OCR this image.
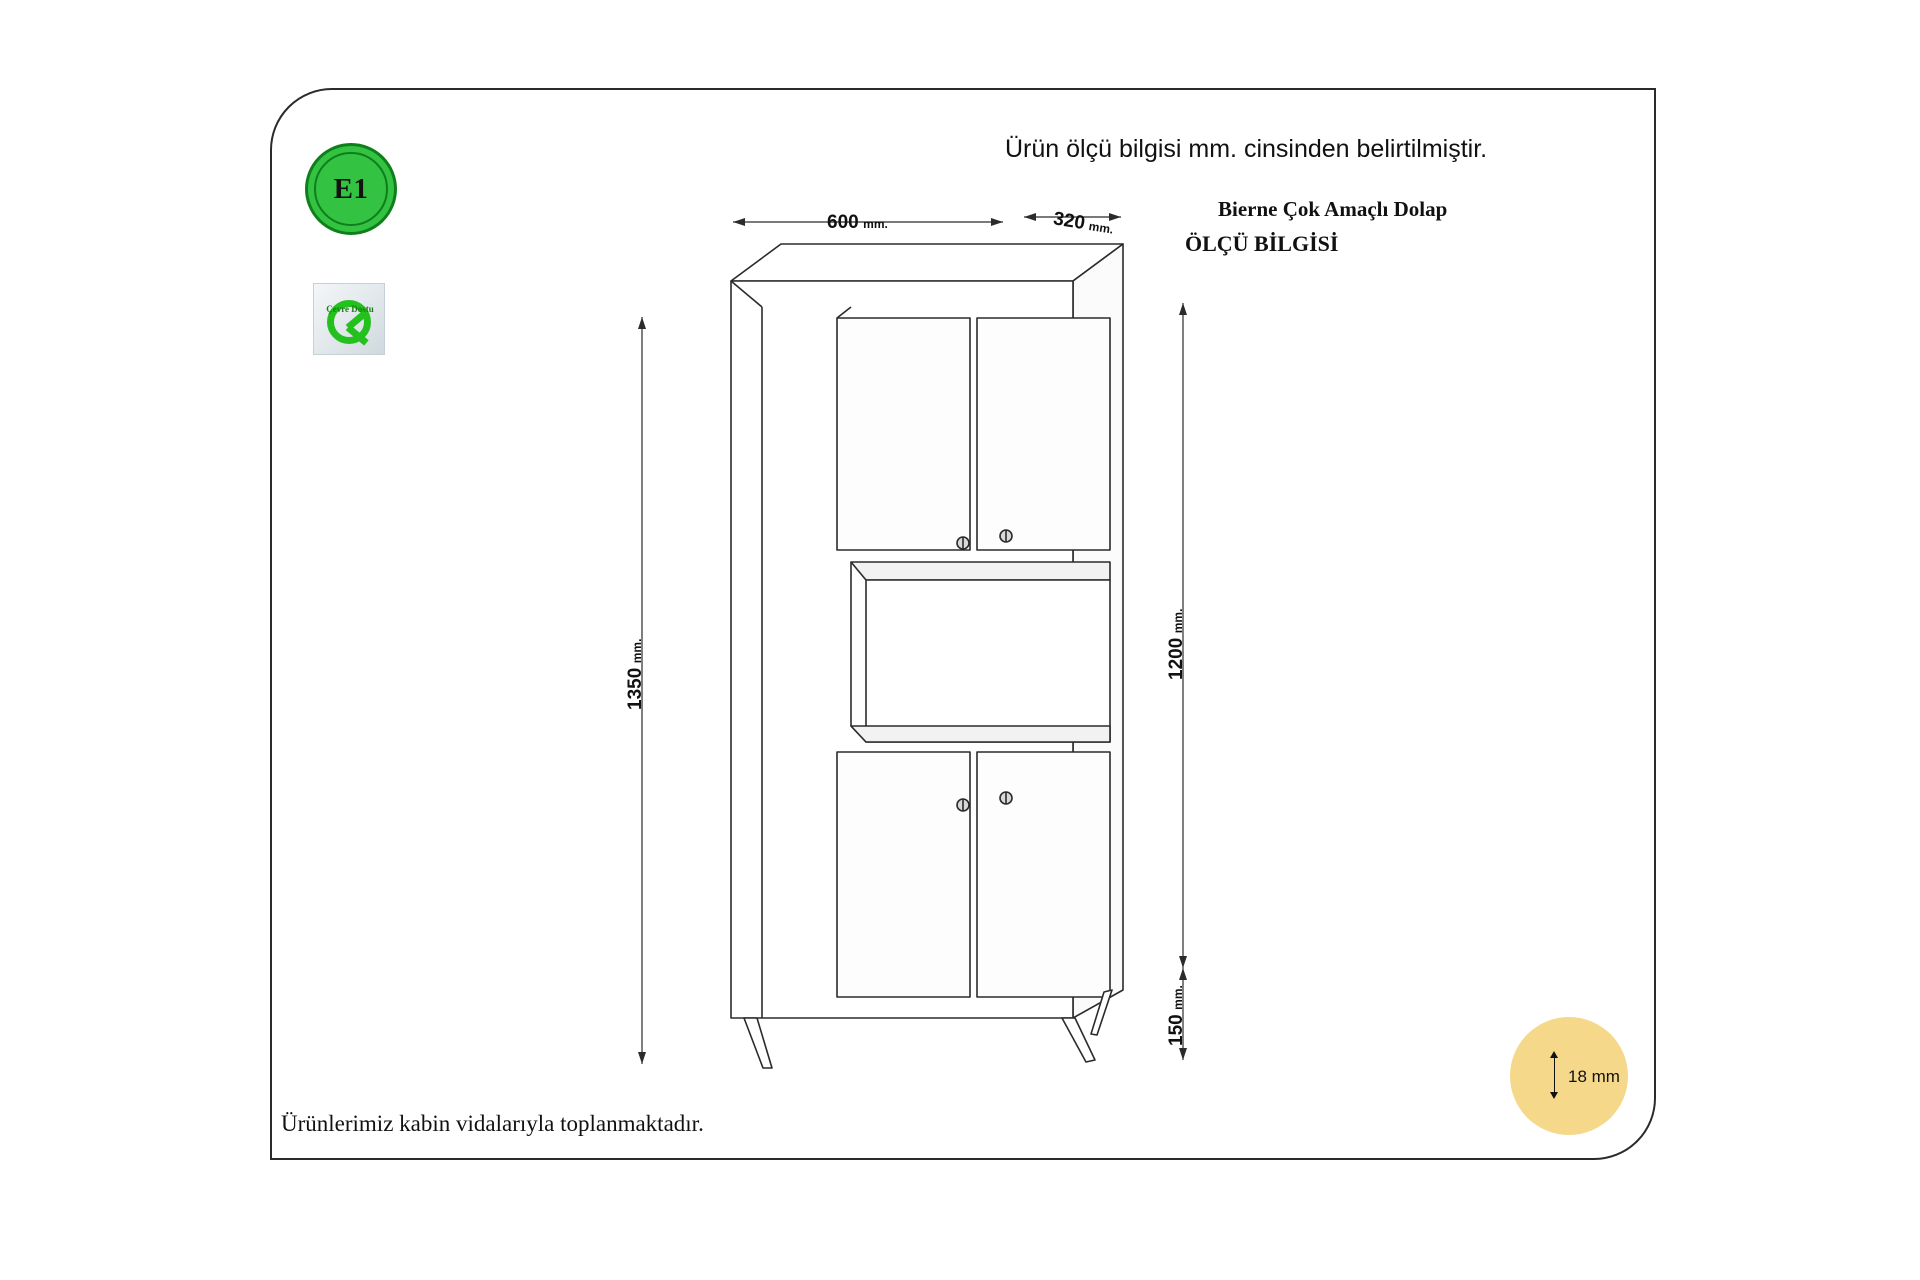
E1
Çevre Dostu
Ürün ölçü bilgisi mm. cinsinden belirtilmiştir.
Bierne Çok Amaçlı Dolap
ÖLÇÜ BİLGİSİ
Ürünlerimiz kabin vidalarıyla toplanmaktadır.
18 mm
600 mm.	320 mm.
1350 mm.	1200 mm.
150 mm.
